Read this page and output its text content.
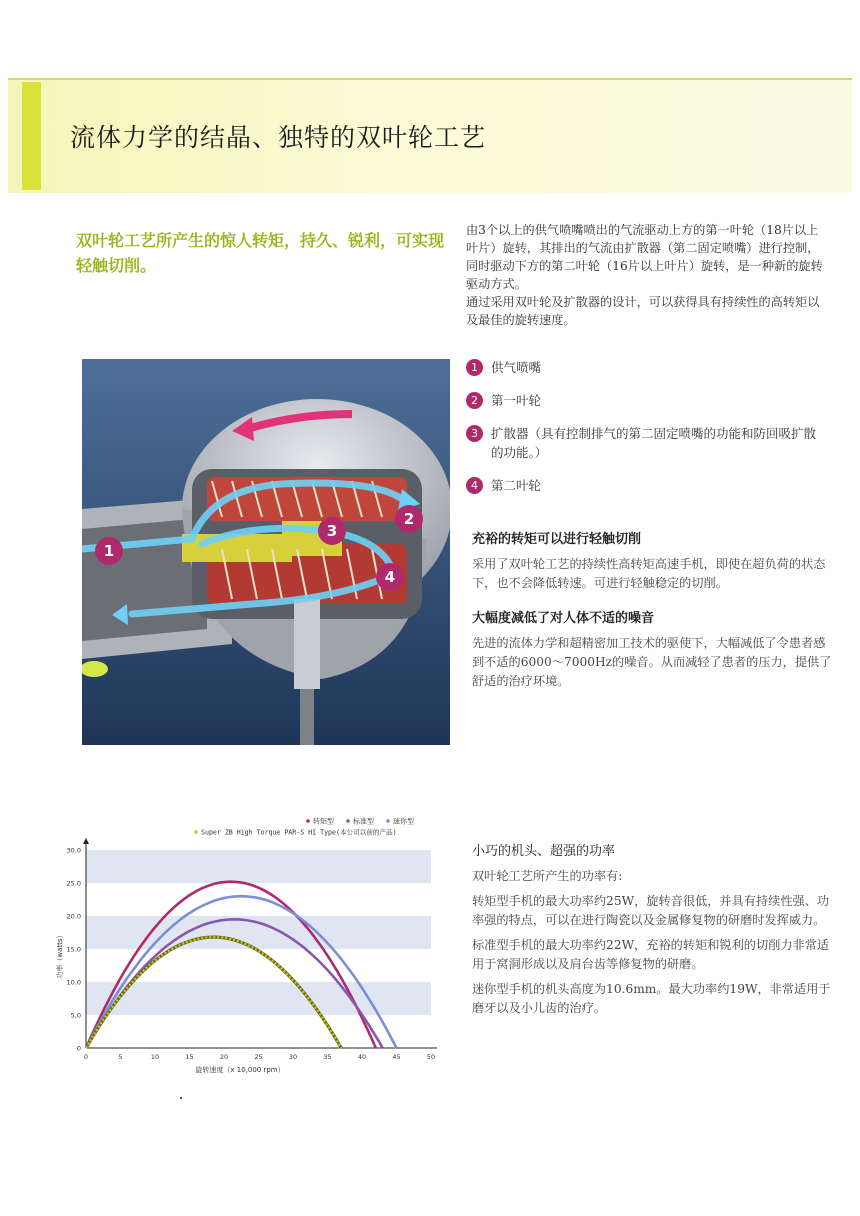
流体力学的结晶、独特的双叶轮工艺
双叶轮工艺所产生的惊人转矩，持久、锐利，可实现轻触切削。

由3个以上的供气喷嘴喷出的气流驱动上方的第一叶轮（18片以上叶片）旋转，其排出的气流由扩散器（第二固定喷嘴）进行控制，同时驱动下方的第二叶轮（16片以上叶片）旋转，是一种新的旋转驱动方式。

通过采用双叶轮及扩散器的设计，可以获得具有持续性的高转矩以及最佳的旋转速度。

1
2
3
4
1	供气喷嘴
2	第一叶轮
3	扩散器（具有控制排气的第二固定喷嘴的功能和防回吸扩散的功能。）
4	第二叶轮
充裕的转矩可以进行轻触切削

采用了双叶轮工艺的持续性高转矩高速手机，即使在超负荷的状态下，也不会降低转速。可进行轻触稳定的切削。

大幅度减低了对人体不适的噪音

先进的流体力学和超精密加工技术的驱使下，大幅减低了令患者感到不适的6000～7000Hz的噪音。从而减轻了患者的压力，提供了舒适的治疗环境。

小巧的机头、超强的功率

双叶轮工艺所产生的功率有:

转矩型手机的最大功率约25W，旋转音很低，并具有持续性强、功率强的特点，可以在进行陶瓷以及金属修复物的研磨时发挥威力。

标准型手机的最大功率约22W，充裕的转矩和锐利的切削力非常适用于窝洞形成以及肩台齿等修复物的研磨。

迷你型手机的机头高度为10.6mm。最大功率约19W，非常适用于磨牙以及小儿齿的治疗。

0	5	10	15	20	25	30	35	40	45	50
0
5.0
10.0
15.0
20.0
25.0
30.0
转矩型	标准型	迷你型
Super ZB High Torque PAR-S HI Type(本公司以前的产品)
旋转速度（x 10,000 rpm）
功率（watts）
